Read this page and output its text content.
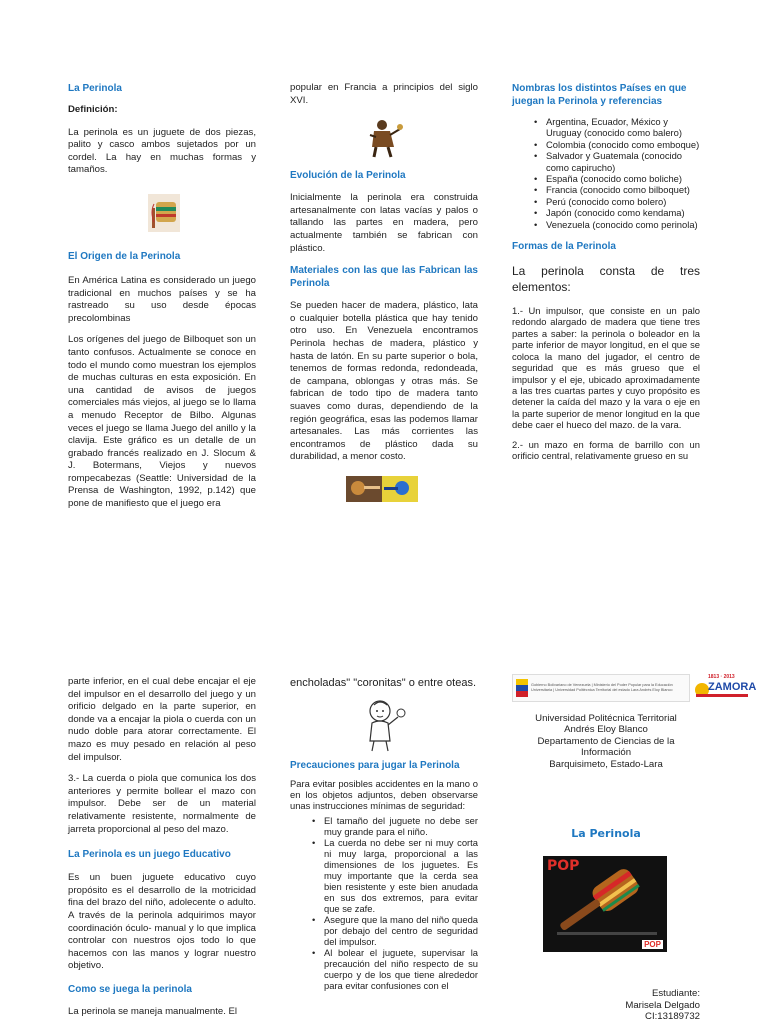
La Perinola

Definición:

La perinola es un juguete de dos piezas, palito y casco ambos sujetados por un cordel. La hay en muchas formas y tamaños.

El Origen de la Perinola

En América Latina es considerado un juego tradicional en muchos países y se ha rastreado su uso desde épocas precolombinas

Los orígenes del juego de Bilboquet son un tanto confusos. Actualmente se conoce en todo el mundo como muestran los ejemplos de muchas culturas en esta exposición. En una cantidad de avisos de juegos comerciales más viejos, al juego se lo llama a menudo Receptor de Bilbo. Algunas veces el juego se llama Juego del anillo y la clavija. Este gráfico es un detalle de un grabado francés realizado en J. Slocum & J. Botermans, Viejos y nuevos rompecabezas (Seattle: Universidad de la Prensa de Washington, 1992, p.142) que pone de manifiesto que el juego era

popular en Francia a principios del siglo XVI.

Evolución de la Perinola

Inicialmente la perinola era construida artesanalmente con latas vacías y palos o tallando las partes en madera, pero actualmente también se fabrican con plástico.

Materiales con las que las Fabrican las Perinola

Se pueden hacer de madera, plástico, lata o cualquier botella plástica que hay tenido otro uso. En Venezuela encontramos Perinola hechas de madera, plástico y hasta de latón. En su parte superior o bola, tenemos de formas redonda, redondeada, de campana, oblongas y otras más. Se fabrican de todo tipo de madera tanto suaves como duras, dependiendo de la región geográfica, esas las podemos llamar artesanales. Las más corrientes las encontramos de plástico dada su durabilidad, a menor costo.

Nombras los distintos Países en que juegan la Perinola y referencias

• Argentina, Ecuador, México y Uruguay (conocido como balero)
• Colombia (conocido como emboque)
• Salvador y Guatemala (conocido como capirucho)
• España (conocido como boliche)
• Francia (conocido como bilboquet)
• Perú (conocido como bolero)
• Japón (conocido como kendama)
• Venezuela (conocido como perinola)

Formas de la Perinola

La perinola consta de tres elementos:

1.- Un impulsor, que consiste en un palo redondo alargado de madera que tiene tres partes a saber: la perinola o boleador en la parte inferior de mayor longitud, en el que se coloca la mano del jugador, el centro de seguridad que es más grueso que el impulsor y el eje, ubicado aproximadamente a las tres cuartas partes y cuyo propósito es detener la caída del mazo y la vara o eje en la parte superior de menor longitud en la que debe caer el hueco del mazo. de la vara.

2.- un mazo en forma de barrillo con un orificio central, relativamente grueso en su

parte inferior, en el cual debe encajar el eje del impulsor en el desarrollo del juego y un orificio delgado en la parte superior, en donde va a encajar la piola o cuerda con un nudo doble para atorar correctamente. El mazo es muy pesado en relación al peso del impulsor.

3.- La cuerda o piola que comunica los dos anteriores y permite bollear el mazo con impulsor. Debe ser de un material relativamente resistente, normalmente de jarreta proporcional al peso del mazo.

La Perinola es un juego Educativo

Es un buen juguete educativo cuyo propósito es el desarrollo de la motricidad fina del brazo del niño, adolecente o adulto. A través de la perinola adquirimos mayor coordinación óculo- manual y lo que implica controlar con nuestros ojos todo lo que hacemos con las manos y lograr nuestro objetivo.

Como se juega la perinola

La perinola se maneja manualmente. El

encholadas" "coronitas" o entre oteas.

Precauciones para jugar la Perinola

Para evitar posibles accidentes en la mano o en los objetos adjuntos, deben observarse unas instrucciones mínimas de seguridad:

• El tamaño del juguete no debe ser muy grande para el niño.
• La cuerda no debe ser ni muy corta ni muy larga, proporcional a las dimensiones de los juguetes. Es muy importante que la cerda sea bien resistente y este bien anudada en sus dos extremos, para evitar que se zafe.
• Asegure que la mano del niño queda por debajo del centro de seguridad del impulsor.
• Al bolear el juguete, supervisar la precaución del niño respecto de su cuerpo y de los que tiene alrededor para evitar confusiones con el
Gobierno Bolivariano de Venezuela | Ministerio del Poder Popular para la Educación Universitaria | Universidad Politécnica Territorial del estado Lara Andrés Eloy Blanco
1813 · 2013
ZAMORA

Universidad Politécnica Territorial

Andrés Eloy Blanco

Departamento de Ciencias de la

Información

Barquisimeto, Estado-Lara

La Perinola
POP
POP

Estudiante:

Marisela Delgado

CI:13189732
